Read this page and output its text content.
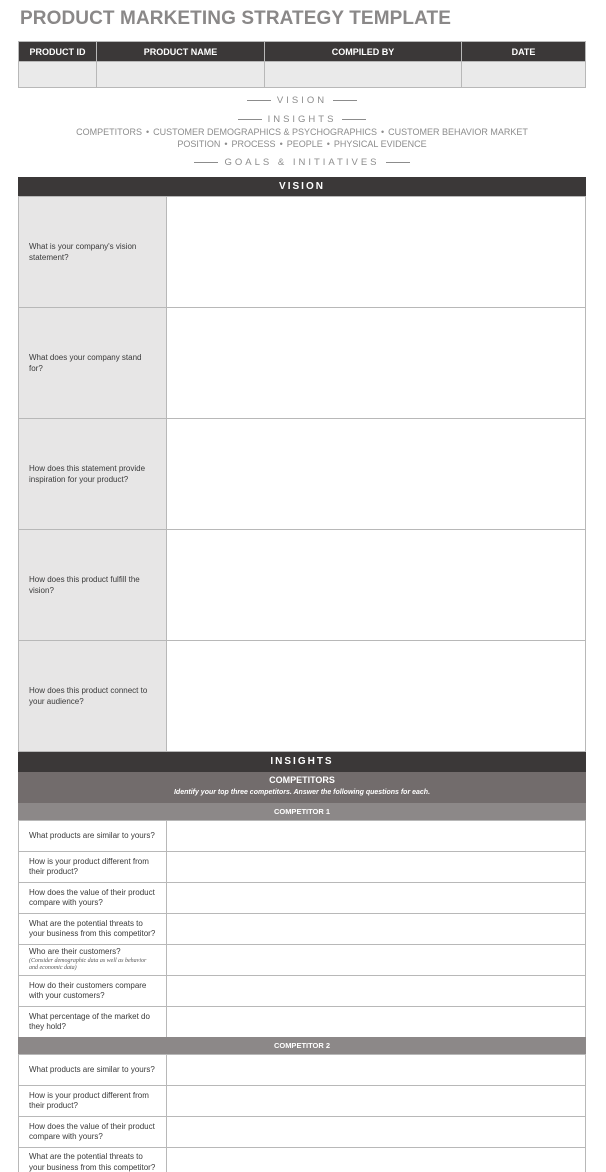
PRODUCT MARKETING STRATEGY TEMPLATE
PRODUCT ID	PRODUCT NAME	COMPILED BY	DATE

VISION
INSIGHTS
COMPETITORS • CUSTOMER DEMOGRAPHICS & PSYCHOGRAPHICS • CUSTOMER BEHAVIOR MARKET
POSITION • PROCESS • PEOPLE • PHYSICAL EVIDENCE
GOALS & INITIATIVES
VISION
What is your company's vision statement?	
What does your company stand for?	
How does this statement provide inspiration for your product?	
How does this product fulfill the vision?	
How does this product connect to your audience?	
INSIGHTS
COMPETITORS
Identify your top three competitors. Answer the following questions for each.
COMPETITOR 1
What products are similar to yours?	
How is your product different from their product?	
How does the value of their product compare with yours?	
What are the potential threats to your business from this competitor?	
Who are their customers?
(Consider demographic data as well as behavior and economic data)	

How do their customers compare with your customers?	
What percentage of the market do they hold?	
COMPETITOR 2
What products are similar to yours?	
How is your product different from their product?	
How does the value of their product compare with yours?	
What are the potential threats to your business from this competitor?	
